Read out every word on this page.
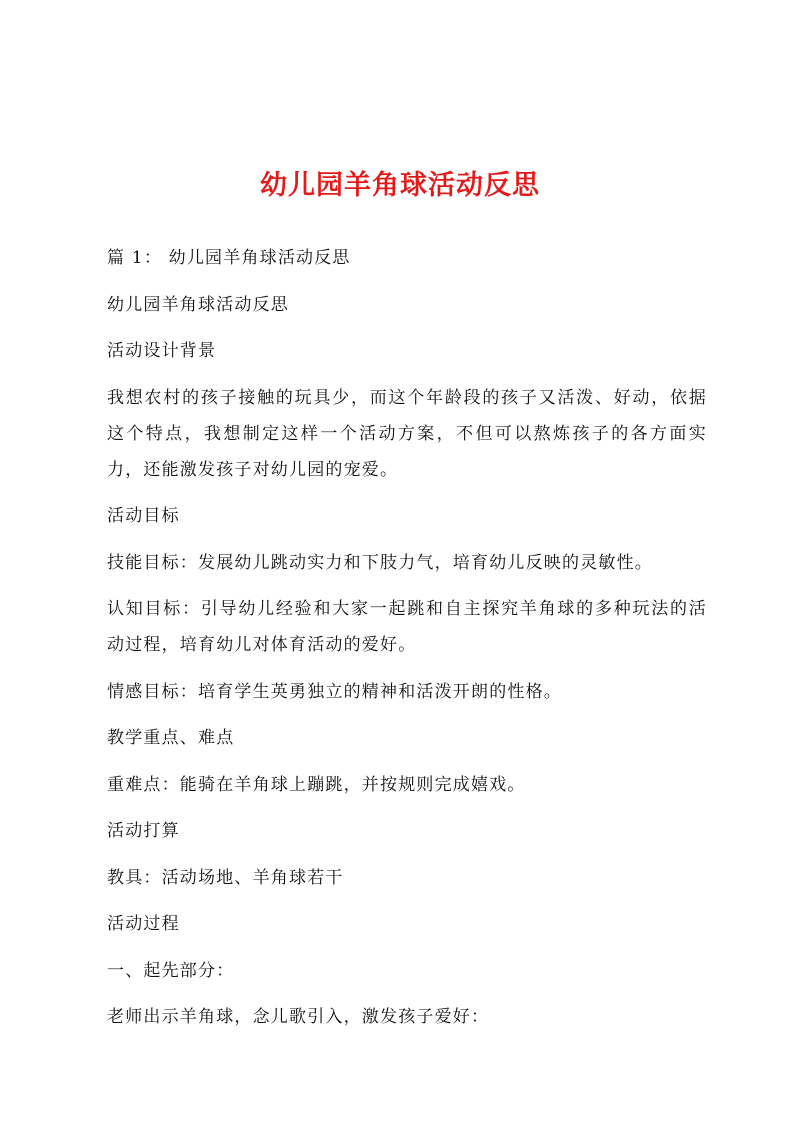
幼儿园羊角球活动反思

篇 1： 幼儿园羊角球活动反思

幼儿园羊角球活动反思

活动设计背景

我想农村的孩子接触的玩具少，而这个年龄段的孩子又活泼、好动，依据这个特点，我想制定这样一个活动方案，不但可以熬炼孩子的各方面实力，还能激发孩子对幼儿园的宠爱。

活动目标

技能目标：发展幼儿跳动实力和下肢力气，培育幼儿反映的灵敏性。

认知目标：引导幼儿经验和大家一起跳和自主探究羊角球的多种玩法的活动过程，培育幼儿对体育活动的爱好。

情感目标：培育学生英勇独立的精神和活泼开朗的性格。

教学重点、难点

重难点：能骑在羊角球上蹦跳，并按规则完成嬉戏。

活动打算

教具：活动场地、羊角球若干

活动过程

一、起先部分：

老师出示羊角球，念儿歌引入，激发孩子爱好：
